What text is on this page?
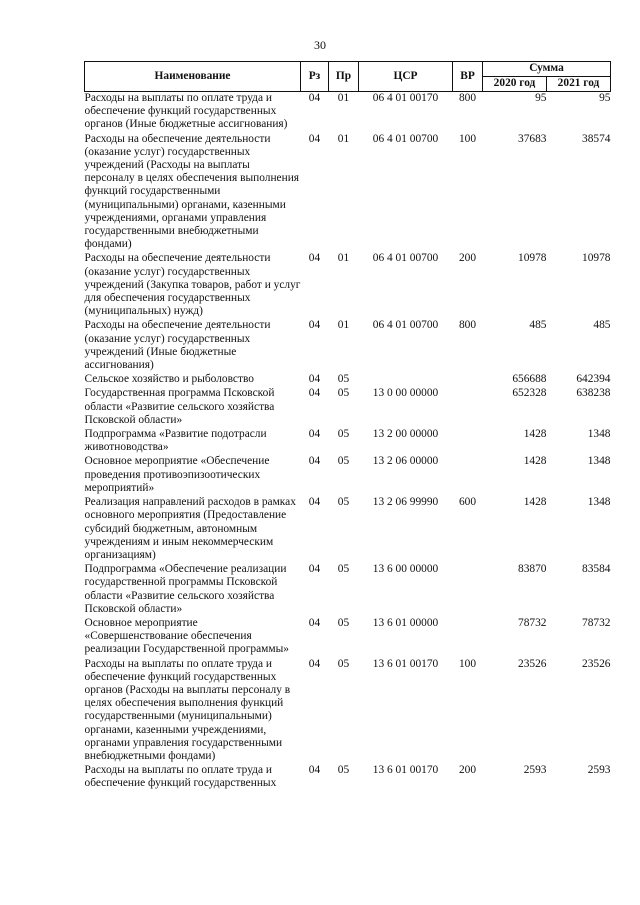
30
Наименование	Рз	Пр	ЦСР	ВР	Сумма	
					2020 год	2021 год
Расходы на выплаты по оплате труда и обеспечение функций государственных органов (Иные бюджетные ассигнования)	04	01	06 4 01 00170	800	95	95
Расходы на обеспечение деятельности (оказание услуг) государственных учреждений (Расходы на выплаты персоналу в целях обеспечения выполнения функций государственными (муниципальными) органами, казенными учреждениями, органами управления государственными внебюджетными фондами)	04	01	06 4 01 00700	100	37683	38574
Расходы на обеспечение деятельности (оказание услуг) государственных учреждений (Закупка товаров, работ и услуг для обеспечения государственных (муниципальных) нужд)	04	01	06 4 01 00700	200	10978	10978
Расходы на обеспечение деятельности (оказание услуг) государственных учреждений (Иные бюджетные ассигнования)	04	01	06 4 01 00700	800	485	485
Сельское хозяйство и рыболовство	04	05			656688	642394
Государственная программа Псковской области «Развитие сельского хозяйства Псковской области»	04	05	13 0 00 00000		652328	638238
Подпрограмма «Развитие подотрасли животноводства»	04	05	13 2 00 00000		1428	1348
Основное мероприятие «Обеспечение проведения противоэпизоотических мероприятий»	04	05	13 2 06 00000		1428	1348
Реализация направлений расходов в рамках основного мероприятия (Предоставление субсидий бюджетным, автономным учреждениям и иным некоммерческим организациям)	04	05	13 2 06 99990	600	1428	1348
Подпрограмма «Обеспечение реализации государственной программы Псковской области «Развитие сельского хозяйства Псковской области»	04	05	13 6 00 00000		83870	83584
Основное мероприятие «Совершенствование обеспечения реализации Государственной программы»	04	05	13 6 01 00000		78732	78732
Расходы на выплаты по оплате труда и обеспечение функций государственных органов (Расходы на выплаты персоналу в целях обеспечения выполнения функций государственными (муниципальными) органами, казенными учреждениями, органами управления государственными внебюджетными фондами)	04	05	13 6 01 00170	100	23526	23526
Расходы на выплаты по оплате труда и обеспечение функций государственных	04	05	13 6 01 00170	200	2593	2593
